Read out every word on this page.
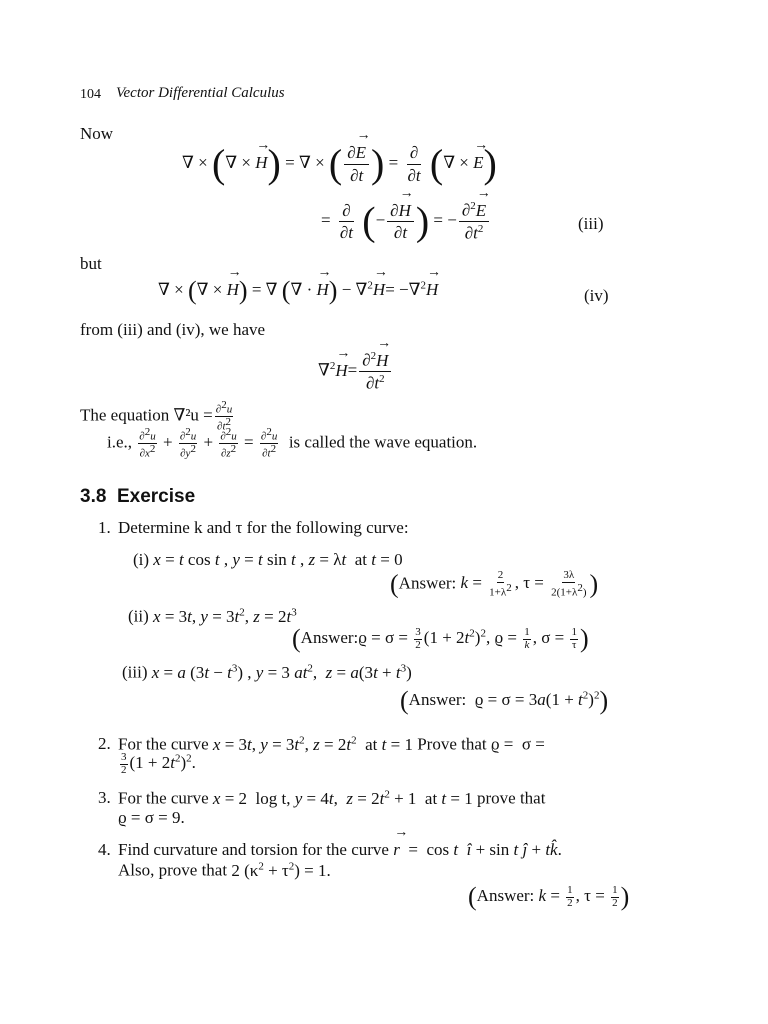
104 Vector Differential Calculus
Now
∇ × (∇ × → H) = ∇ × ( $\frac{\partial\to E}{\partial t}$ ) = $\frac{\partial}{\partial t}$ (∇ × → E)
= $\frac{\partial}{\partial t}$ (− $\frac{\partial\to H}{\partial t}$ ) = − $\frac{\partial^2\to E}{\partial t^2}$	(iii)
but
∇ × (∇ × → H) = ∇ (∇ · → H) − ∇$^2$→ H= −∇$^2$→ H	(iv)
from (iii) and (iv), we have
$\nabla^2\to H= \frac{\partial^2\to H}{\partial t^2}$
The equation $\nabla^2u = \frac{\partial^2u}{\partial t^2}$
i.e., $\frac{\partial^2u}{\partial x^2} + \frac{\partial^2u}{\partial y^2} + \frac{\partial^2u}{\partial z^2} = \frac{\partial^2u}{\partial t^2}$ is called the wave equation.
3.8 Exercise
1. Determine k and τ for the following curve:
(i) x = t cos t , y = t sin t , z = λt  at t = 0
(Answer: $k = \frac{2}{1+\lambda^2}$ , $\tau = \frac{3\lambda}{2(1+\lambda^2)}$ )
(ii) x = 3t, $y = 3t^2$, $z = 2t^3$
(Answer:ϱ = $\sigma = \frac{3}{2} (1 + 2t^2)^2$, $ϱ = \frac{1}{k}$ , $\sigma = \frac{1}{\tau}$ )
(iii) x = a $(3t - t^3)$ , y = 3 $at^2$,  $z = a(3t + t^3)$
(Answer: $ϱ = \sigma = 3a(1 + t^2)^2$)
2. For the curve x = 3t, $y = 3t^2$, $z = 2t^2$  at t = 1 Prove that ϱ =  σ =
$\frac{3}{2} (1 + 2t^2)^2$.
3. For the curve x = 2  log t, y = 4t,  $z = 2t^2 + 1$  at t = 1 prove that
ϱ = σ = 9.
4. Find curvature and torsion for the curve → r  =  cos t î + sin t ĵ + tk̂.
Also, prove that 2 $(\kappa^2 + \tau^2) = 1$.
(Answer: $k = \frac{1}{2}$ , $\tau = \frac{1}{2}$ )
